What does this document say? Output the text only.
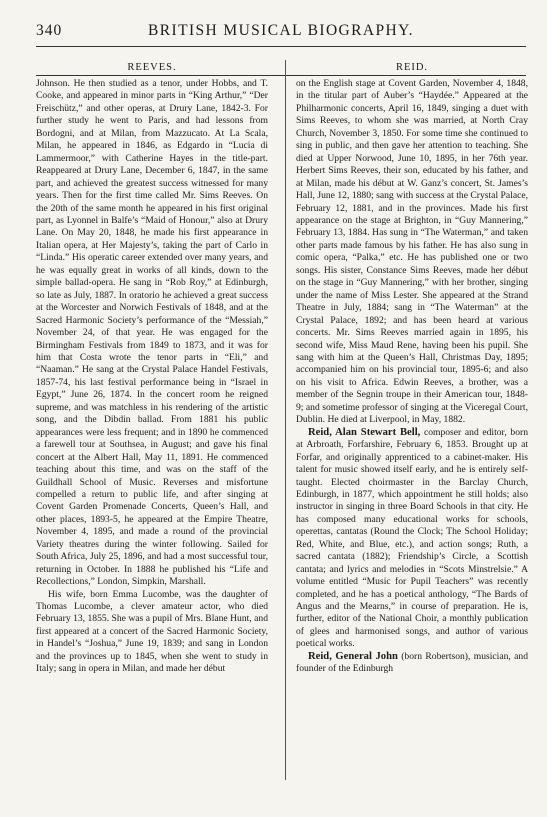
340	BRITISH MUSICAL BIOGRAPHY.
REEVES.	REID.

Johnson. He then studied as a tenor, under Hobbs, and T. Cooke, and appeared in minor parts in “King Arthur,” “Der Freischütz,” and other operas, at Drury Lane, 1842-3. For further study he went to Paris, and had lessons from Bordogni, and at Milan, from Mazzucato. At La Scala, Milan, he appeared in 1846, as Edgardo in “Lucia di Lammermoor,” with Catherine Hayes in the title-part. Reappeared at Drury Lane, December 6, 1847, in the same part, and achieved the greatest success witnessed for many years. Then for the first time called Mr. Sims Reeves. On the 20th of the same month he appeared in his first original part, as Lyonnel in Balfe’s “Maid of Honour,” also at Drury Lane. On May 20, 1848, he made his first appearance in Italian opera, at Her Majesty’s, taking the part of Carlo in “Linda.” His operatic career extended over many years, and he was equally great in works of all kinds, down to the simple ballad-opera. He sang in “Rob Roy,” at Edinburgh, so late as July, 1887. In oratorio he achieved a great success at the Worcester and Norwich Festivals of 1848, and at the Sacred Harmonic Society’s performance of the “Messiah,” November 24, of that year. He was engaged for the Birmingham Festivals from 1849 to 1873, and it was for him that Costa wrote the tenor parts in “Eli,” and “Naaman.” He sang at the Crystal Palace Handel Festivals, 1857-74, his last festival performance being in “Israel in Egypt,” June 26, 1874. In the concert room he reigned supreme, and was matchless in his rendering of the artistic song, and the Dibdin ballad. From 1881 his public appearances were less frequent; and in 1890 he commenced a farewell tour at Southsea, in August; and gave his final concert at the Albert Hall, May 11, 1891. He commenced teaching about this time, and was on the staff of the Guildhall School of Music. Reverses and misfortune compelled a return to public life, and after singing at Covent Garden Promenade Concerts, Queen’s Hall, and other places, 1893-5, he appeared at the Empire Theatre, November 4, 1895, and made a round of the provincial Variety theatres during the winter following. Sailed for South Africa, July 25, 1896, and had a most successful tour, returning in October. In 1888 he published his “Life and Recollections,” London, Simpkin, Marshall.

His wife, born Emma Lucombe, was the daughter of Thomas Lucombe, a clever amateur actor, who died February 13, 1855. She was a pupil of Mrs. Blane Hunt, and first appeared at a concert of the Sacred Harmonic Society, in Handel’s “Joshua,” June 19, 1839; and sang in London and the provinces up to 1845, when she went to study in Italy; sang in opera in Milan, and made her début

on the English stage at Covent Garden, November 4, 1848, in the titular part of Auber’s “Haydée.” Appeared at the Philharmonic concerts, April 16, 1849, singing a duet with Sims Reeves, to whom she was married, at North Cray Church, November 3, 1850. For some time she continued to sing in public, and then gave her attention to teaching. She died at Upper Norwood, June 10, 1895, in her 76th year. Herbert Sims Reeves, their son, educated by his father, and at Milan, made his début at W. Ganz’s concert, St. James’s Hall, June 12, 1880; sang with success at the Crystal Palace, February 12, 1881, and in the provinces. Made his first appearance on the stage at Brighton, in “Guy Mannering,” February 13, 1884. Has sung in “The Waterman,” and taken other parts made famous by his father. He has also sung in comic opera, “Palka,” etc. He has published one or two songs. His sister, Constance Sims Reeves, made her début on the stage in “Guy Mannering,” with her brother, singing under the name of Miss Lester. She appeared at the Strand Theatre in July, 1884; sang in “The Waterman” at the Crystal Palace, 1892; and has been heard at various concerts. Mr. Sims Reeves married again in 1895, his second wife, Miss Maud Rene, having been his pupil. She sang with him at the Queen’s Hall, Christmas Day, 1895; accompanied him on his provincial tour, 1895-6; and also on his visit to Africa. Edwin Reeves, a brother, was a member of the Segnin troupe in their American tour, 1848-9; and sometime professor of singing at the Viceregal Court, Dublin. He died at Liverpool, in May, 1882.

Reid, Alan Stewart Bell, composer and editor, born at Arbroath, Forfarshire, February 6, 1853. Brought up at Forfar, and originally apprenticed to a cabinet-maker. His talent for music showed itself early, and he is entirely self-taught. Elected choirmaster in the Barclay Church, Edinburgh, in 1877, which appointment he still holds; also instructor in singing in three Board Schools in that city. He has composed many educational works for schools, operettas, cantatas (Round the Clock; The School Holiday; Red, White, and Blue, etc.), and action songs; Ruth, a sacred cantata (1882); Friendship’s Circle, a Scottish cantata; and lyrics and melodies in “Scots Minstrelsie.” A volume entitled “Music for Pupil Teachers” was recently completed, and he has a poetical anthology, “The Bards of Angus and the Mearns,” in course of preparation. He is, further, editor of the National Choir, a monthly publication of glees and harmonised songs, and author of various poetical works.

Reid, General John (born Robertson), musician, and founder of the Edinburgh
